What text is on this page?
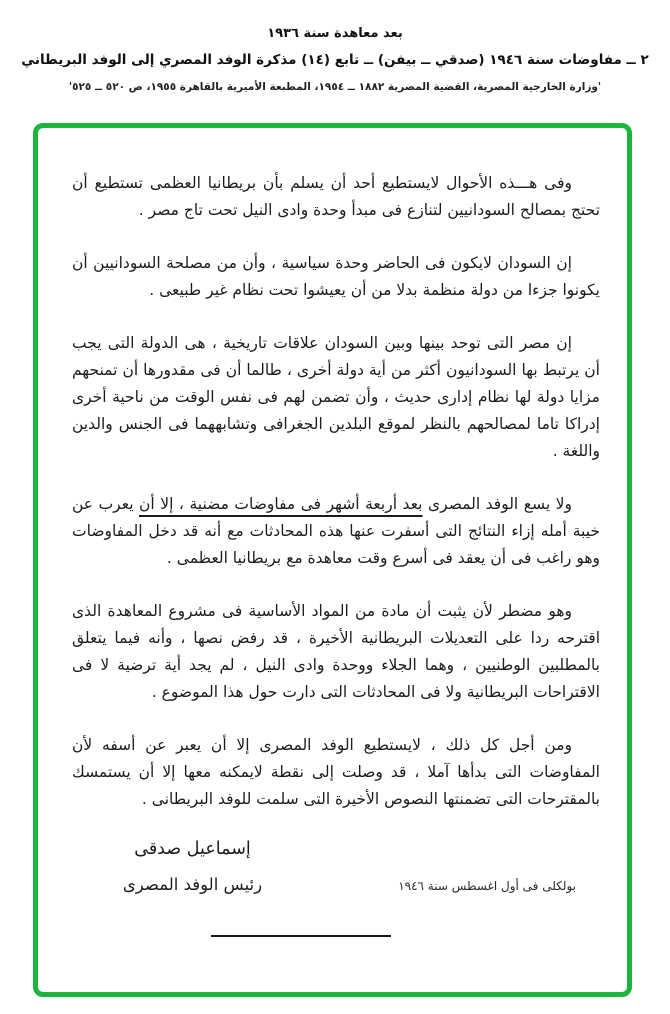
بعد معاهدة سنة ١٩٣٦
٢ ــ مفاوضات سنة ١٩٤٦ (صدقي ــ بيفن) ــ تابع (١٤) مذكرة الوفد المصري إلى الوفد البريطاني
'وزارة الخارجية المصرية، القضية المصرية ١٨٨٢ ــ ١٩٥٤، المطبعة الأميرية بالقاهرة ١٩٥٥، ص ٥٢٠ ــ ٥٢٥'

وفى هـــذه الأحوال لايستطيع أحد أن يسلم بأن بريطانيا العظمى تستطيع أن تحتج بمصالح السودانيين لتنازع فى مبدأ وحدة وادى النيل تحت تاج مصر .

إن السودان لايكون فى الحاضر وحدة سياسية ، وأن من مصلحة السودانيين أن يكونوا جزءا من دولة منظمة بدلا من أن يعيشوا تحت نظام غير طبيعى .

إن مصر التى توحد بينها وبين السودان علاقات تاريخية ، هى الدولة التى يجب أن يرتبط بها السودانيون أكثر من أية دولة أخرى ، طالما أن فى مقدورها أن تمنحهم مزايا دولة لها نظام إدارى حديث ، وأن تضمن لهم فى نفس الوقت من ناحية أخرى إدراكا تاما لمصالحهم بالنظر لموقع البلدين الجغرافى وتشابههما فى الجنس والدين واللغة .

ولا يسع الوفد المصرى بعد أربعة أشهر فى مفاوضات مضنية ، إلا أن يعرب عن خيبة أمله إزاء النتائج التى أسفرت عنها هذه المحادثات مع أنه قد دخل المفاوضات وهو راغب فى أن يعقد فى أسرع وقت معاهدة مع بريطانيا العظمى .

وهو مضطر لأن يثبت أن مادة من المواد الأساسية فى مشروع المعاهدة الذى اقترحه ردا على التعديلات البريطانية الأخيرة ، قد رفض نصها ، وأنه فيما يتعلق بالمطلبين الوطنيين ، وهما الجلاء ووحدة وادى النيل ، لم يجد أية ترضية لا فى الاقتراحات البريطانية ولا فى المحادثات التى دارت حول هذا الموضوع .

ومن أجل كل ذلك ، لايستطيع الوفد المصرى إلا أن يعبر عن أسفه لأن المفاوضات التى بدأها آملا ، قد وصلت إلى نقطة لايمكنه معها إلا أن يستمسك بالمقترحات التى تضمنتها النصوص الأخيرة التى سلمت للوفد البريطانى .

إسماعيل صدقى
رئيس الوفد المصرى	بولكلى فى أول اغسطس سنة ١٩٤٦
